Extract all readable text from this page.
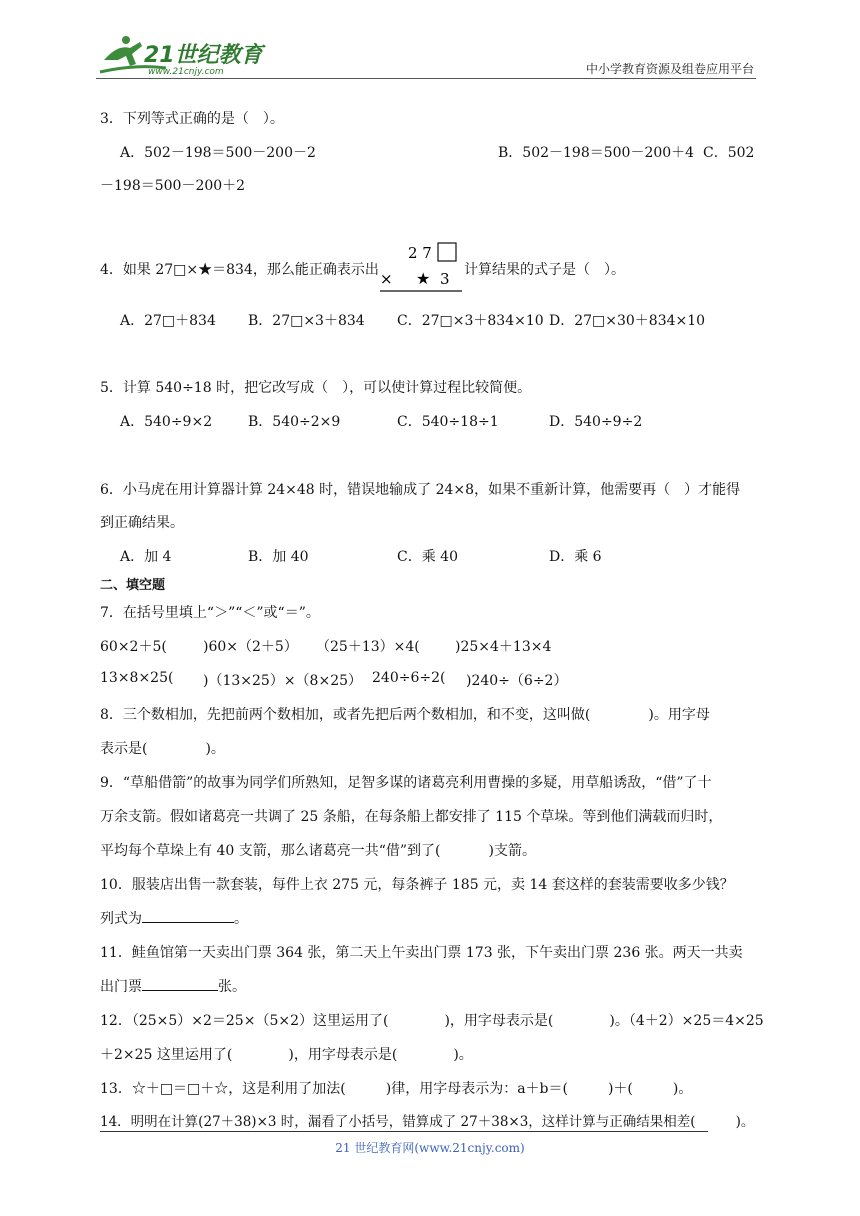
21世纪教育
www.21cnjy.com	中小学教育资源及组卷应用平台
3．下列等式正确的是（　）。
A．502－198＝500－200－2	B．502－198＝500－200＋4 C．502
－198＝500－200＋2
4．如果 27□×★＝834，那么能正确表示出
2 7
× ★ 3 计算结果的式子是（　）。
A．27□＋834 B．27□×3＋834 C．27□×3＋834×10 D．27□×30＋834×10
5．计算 540÷18 时，把它改写成（　），可以使计算过程比较简便。
A．540÷9×2	B．540÷2×9	C．540÷18÷1	D．540÷9÷2
6．小马虎在用计算器计算 24×48 时，错误地输成了 24×8，如果不重新计算，他需要再（　）才能得
到正确结果。
A．加 4	B．加 40	C．乘 40	D．乘 6
二、填空题
7．在括号里填上“＞”“＜”或“＝”。
60×2＋5(	)60×（2＋5） （25＋13）×4(	)25×4＋13×4
13×8×25( )（13×25）×（8×25） 240÷6÷2( )240÷（6÷2）
8．三个数相加，先把前两个数相加，或者先把后两个数相加，和不变，这叫做(	)。用字母
表示是(	)。
9．“草船借箭”的故事为同学们所熟知，足智多谋的诸葛亮利用曹操的多疑，用草船诱敌，“借”了十
万余支箭。假如诸葛亮一共调了 25 条船，在每条船上都安排了 115 个草垛。等到他们满载而归时，
平均每个草垛上有 40 支箭，那么诸葛亮一共“借”到了(	)支箭。
10．服装店出售一款套装，每件上衣 275 元，每条裤子 185 元，卖 14 套这样的套装需要收多少钱？
列式为	。
11．鲑鱼馆第一天卖出门票 364 张，第二天上午卖出门票 173 张，下午卖出门票 236 张。两天一共卖
出门票	张。
12．（25×5）×2＝25×（5×2）这里运用了(	)，用字母表示是(	)。（4＋2）×25＝4×25
＋2×25 这里运用了(	)，用字母表示是(	)。
13．☆＋□＝□＋☆，这是利用了加法(	)律，用字母表示为：a＋b＝(	)＋(	)。
14．明明在计算(27＋38)×3 时，漏看了小括号，错算成了 27＋38×3，这样计算与正确结果相差(	)。
21 世纪教育网(www.21cnjy.com)
